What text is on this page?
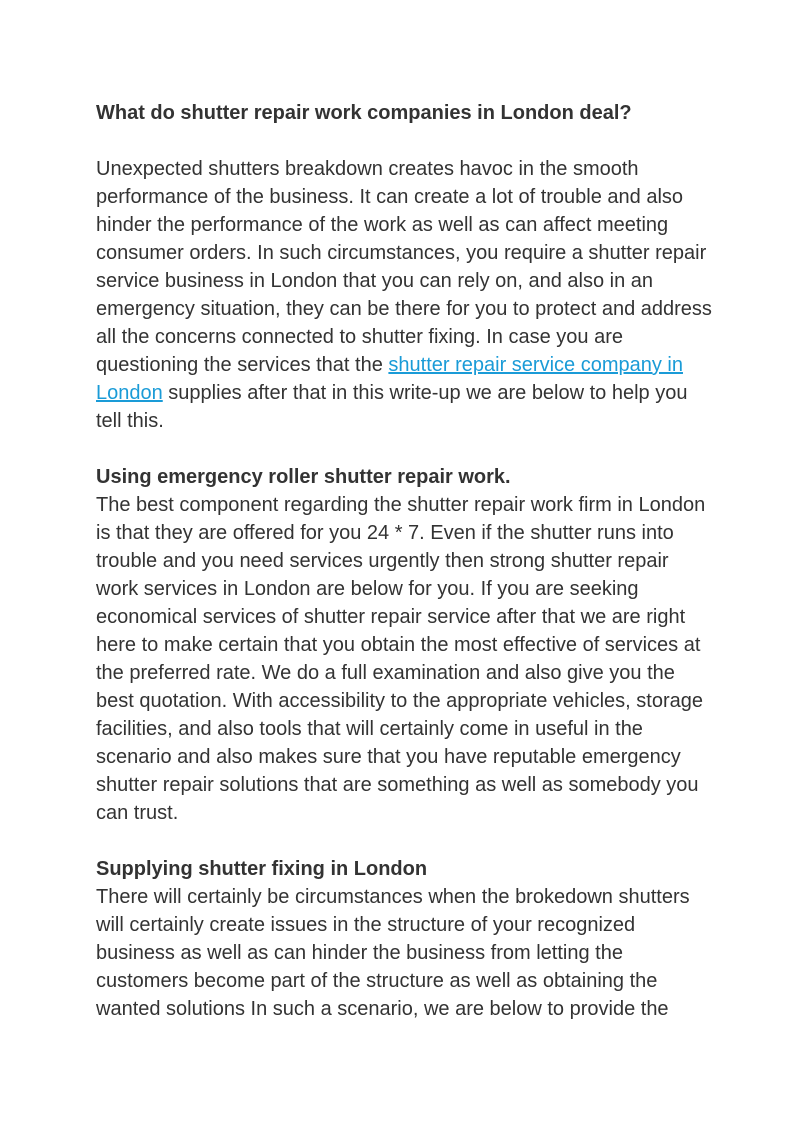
What do shutter repair work companies in London deal?

Unexpected shutters breakdown creates havoc in the smooth performance of the business. It can create a lot of trouble and also hinder the performance of the work as well as can affect meeting consumer orders. In such circumstances, you require a shutter repair service business in London that you can rely on, and also in an emergency situation, they can be there for you to protect and address all the concerns connected to shutter fixing. In case you are questioning the services that the shutter repair service company in London supplies after that in this write-up we are below to help you tell this.

Using emergency roller shutter repair work.

The best component regarding the shutter repair work firm in London is that they are offered for you 24 * 7. Even if the shutter runs into trouble and you need services urgently then strong shutter repair work services in London are below for you. If you are seeking economical services of shutter repair service after that we are right here to make certain that you obtain the most effective of services at the preferred rate. We do a full examination and also give you the best quotation. With accessibility to the appropriate vehicles, storage facilities, and also tools that will certainly come in useful in the scenario and also makes sure that you have reputable emergency shutter repair solutions that are something as well as somebody you can trust.

Supplying shutter fixing in London

There will certainly be circumstances when the brokedown shutters will certainly create issues in the structure of your recognized business as well as can hinder the business from letting the customers become part of the structure as well as obtaining the wanted solutions In such a scenario, we are below to provide the
